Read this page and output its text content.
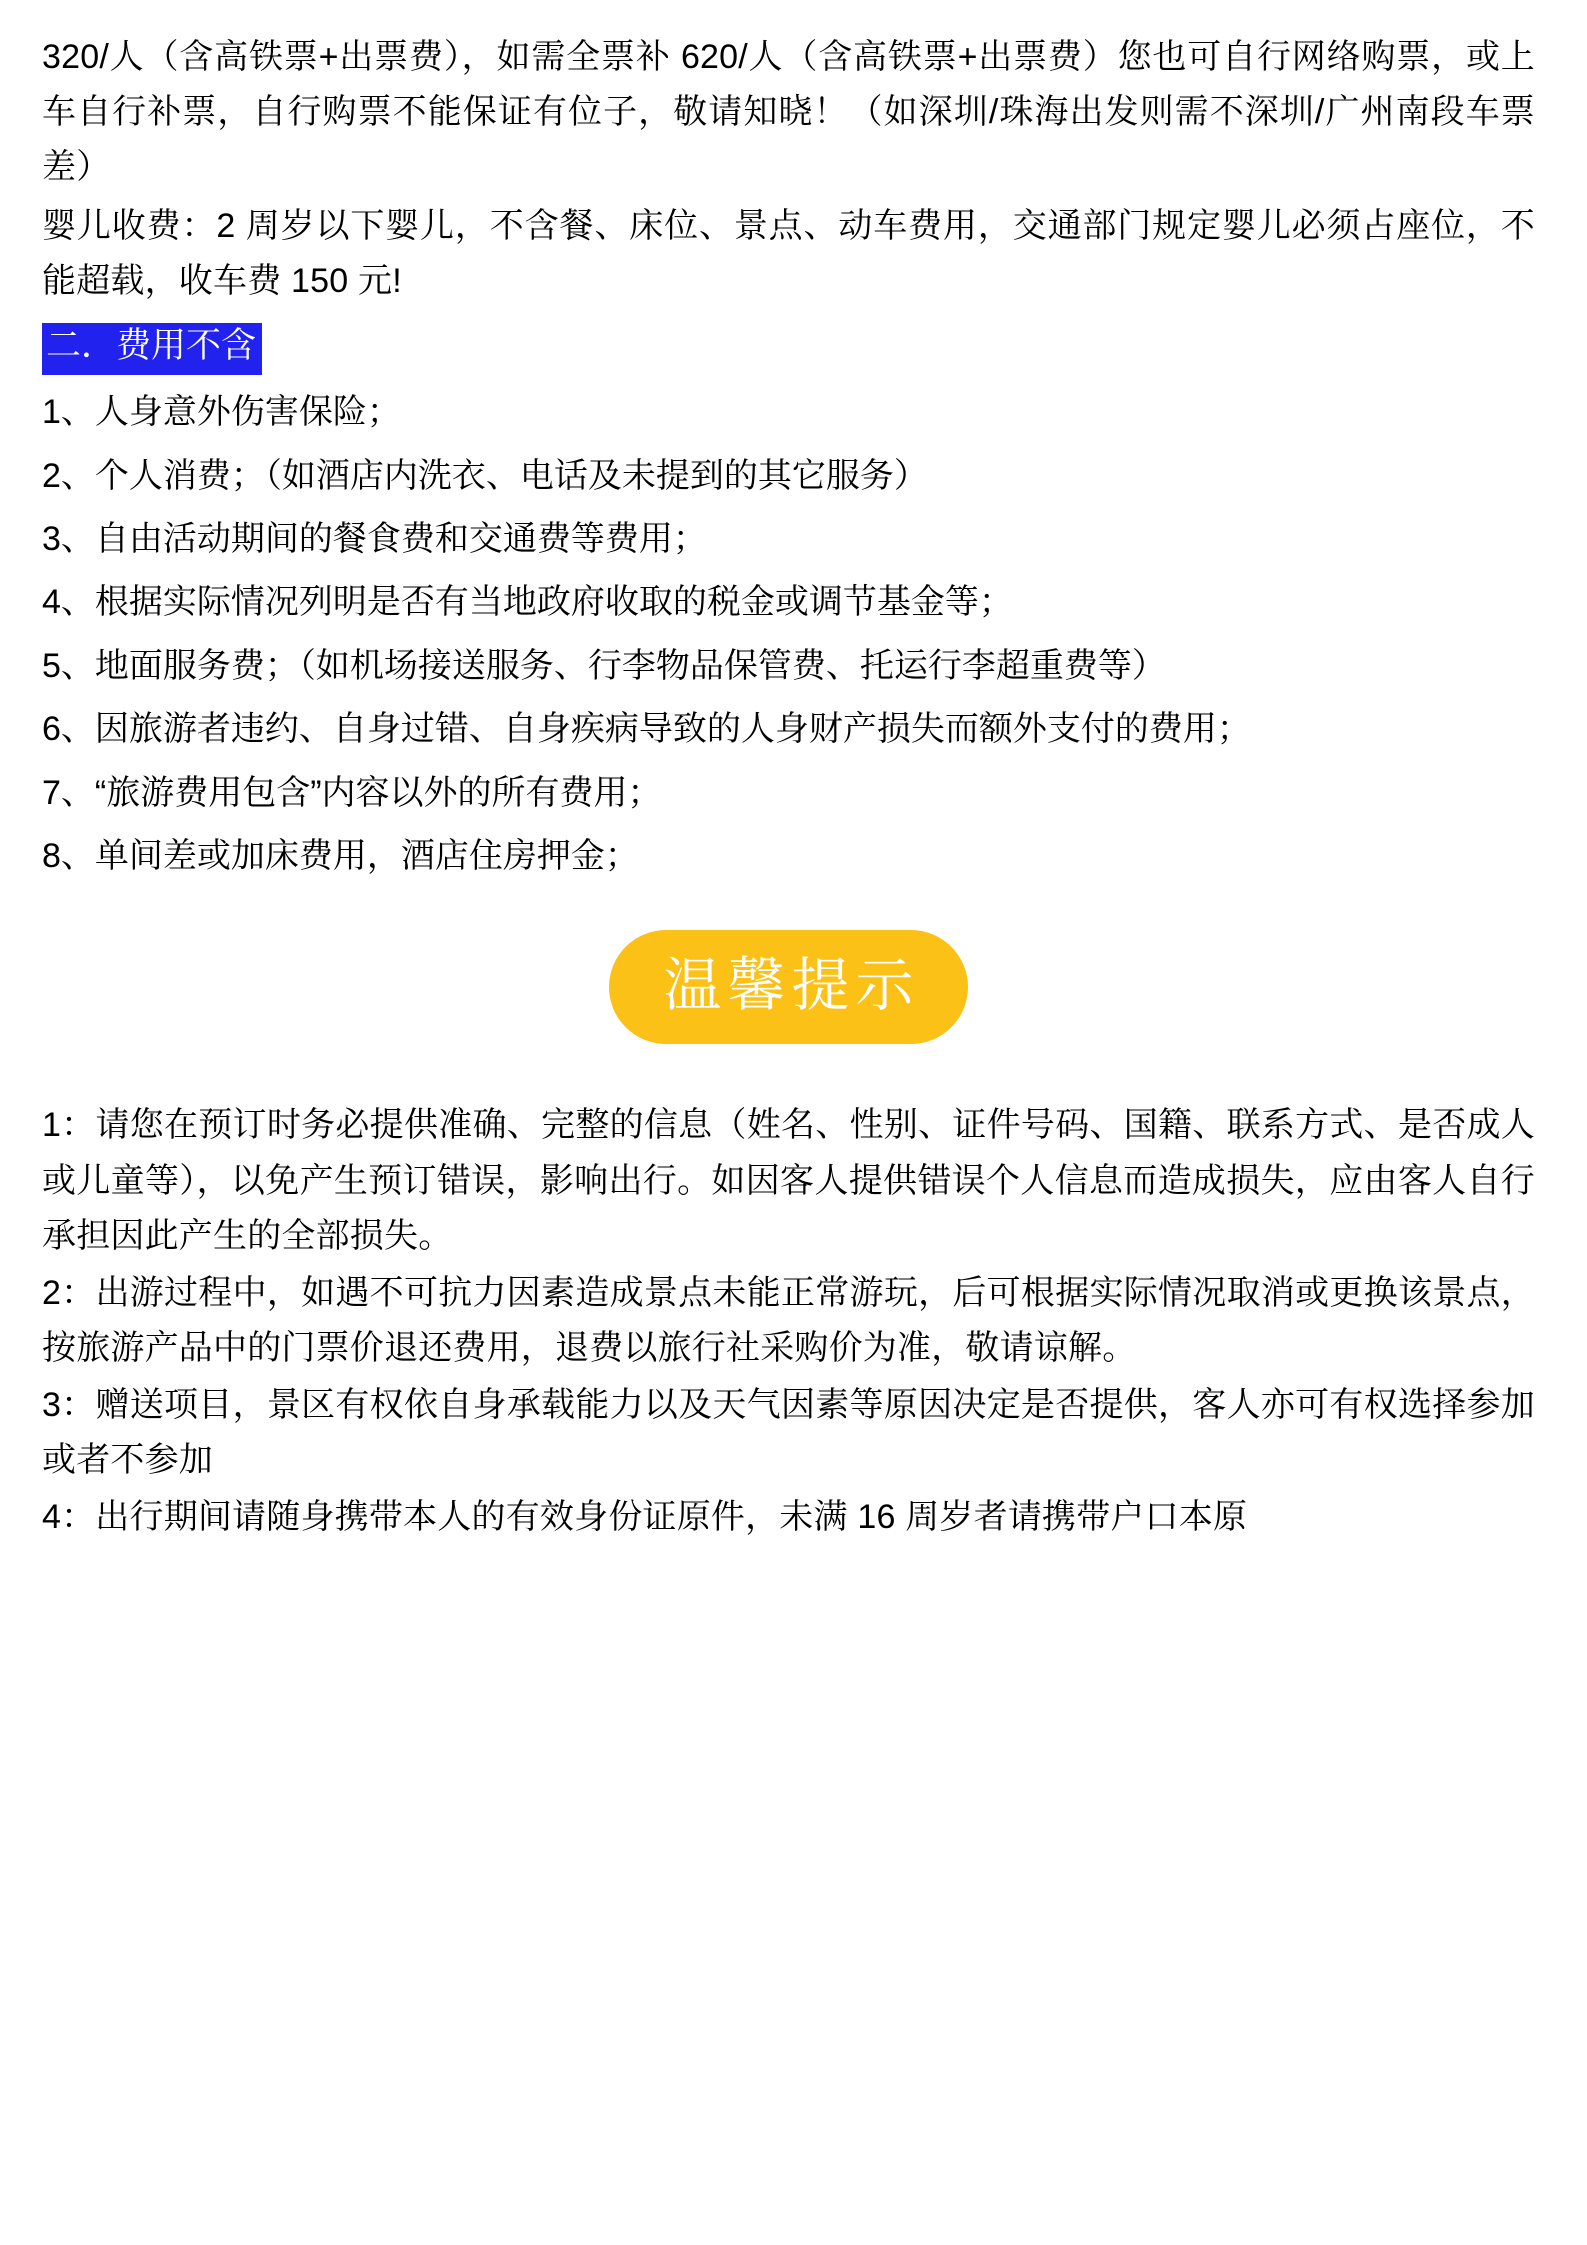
320/人（含高铁票+出票费），如需全票补 620/人（含高铁票+出票费）您也可自行网络购票，或上车自行补票，自行购票不能保证有位子，敬请知晓！（如深圳/珠海出发则需不深圳/广州南段车票差）

婴儿收费：2 周岁以下婴儿，不含餐、床位、景点、动车费用，交通部门规定婴儿必须占座位，不能超载，收车费 150 元!

二．费用不含
1、人身意外伤害保险；
2、个人消费；（如酒店内洗衣、电话及未提到的其它服务）
3、自由活动期间的餐食费和交通费等费用；
4、根据实际情况列明是否有当地政府收取的税金或调节基金等；
5、地面服务费；（如机场接送服务、行李物品保管费、托运行李超重费等）
6、因旅游者违约、自身过错、自身疾病导致的人身财产损失而额外支付的费用；
7、“旅游费用包含”内容以外的所有费用；
8、单间差或加床费用，酒店住房押金；
温馨提示

1：请您在预订时务必提供准确、完整的信息（姓名、性别、证件号码、国籍、联系方式、是否成人或儿童等），以免产生预订错误，影响出行。如因客人提供错误个人信息而造成损失，应由客人自行承担因此产生的全部损失。

2：出游过程中，如遇不可抗力因素造成景点未能正常游玩，后可根据实际情况取消或更换该景点，按旅游产品中的门票价退还费用，退费以旅行社采购价为准，敬请谅解。

3：赠送项目，景区有权依自身承载能力以及天气因素等原因决定是否提供，客人亦可有权选择参加或者不参加

4：出行期间请随身携带本人的有效身份证原件，未满 16 周岁者请携带户口本原
